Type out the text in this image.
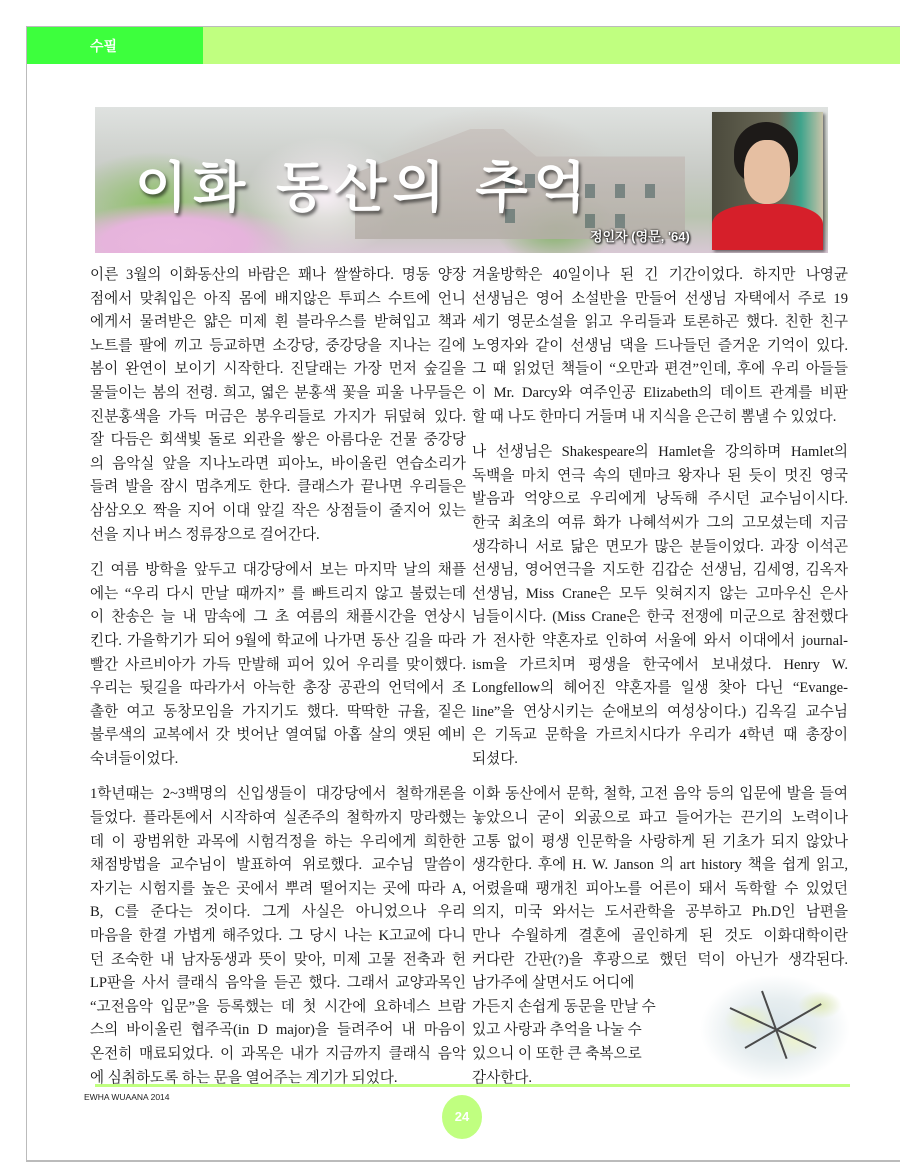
수필
이화 동산의 추억
정인자 (영문, '64)
이른 3월의 이화동산의 바람은 꽤나 쌀쌀하다. 명동 양장
점에서 맞춰입은 아직 몸에 배지않은 투피스 수트에 언니
에게서 물려받은 얇은 미제 흰 블라우스를 받혀입고 책과
노트를 팔에 끼고 등교하면 소강당, 중강당을 지나는 길에
봄이 완연이 보이기 시작한다. 진달래는 가장 먼저 숲길을
물들이는 봄의 전령. 희고, 엷은 분홍색 꽃을 피울 나무들은
진분홍색을 가득 머금은 봉우리들로 가지가 뒤덮혀 있다.
잘 다듬은 회색빛 돌로 외관을 쌓은 아름다운 건물 중강당
의 음악실 앞을 지나노라면 피아노, 바이올린 연습소리가
들려 발을 잠시 멈추게도 한다. 클래스가 끝나면 우리들은
삼삼오오 짝을 지어 이대 앞길 작은 상점들이 줄지어 있는
선을 지나 버스 정류장으로 걸어간다.
긴 여름 방학을 앞두고 대강당에서 보는 마지막 날의 채플
에는 “우리 다시 만날 때까지” 를 빠트리지 않고 불렀는데
이 찬송은 늘 내 맘속에 그 초 여름의 채플시간을 연상시
킨다. 가을학기가 되어 9월에 학교에 나가면 동산 길을 따라
빨간 사르비아가 가득 만발해 피어 있어 우리를 맞이했다.
우리는 뒷길을 따라가서 아늑한 총장 공관의 언덕에서 조
촐한 여고 동창모임을 가지기도 했다. 딱딱한 규율, 짙은
불루색의 교복에서 갓 벗어난 열여덟 아홉 살의 앳된 예비
숙녀들이었다.
1학년때는 2~3백명의 신입생들이 대강당에서 철학개론을
들었다. 플라톤에서 시작하여 실존주의 철학까지 망라했는
데 이 광범위한 과목에 시험걱정을 하는 우리에게 희한한
채점방법을 교수님이 발표하여 위로했다. 교수님 말씀이
자기는 시험지를 높은 곳에서 뿌려 떨어지는 곳에 따라 A,
B, C를 준다는 것이다. 그게 사실은 아니었으나 우리
마음을 한결 가볍게 해주었다. 그 당시 나는 K고교에 다니
던 조숙한 내 남자동생과 뜻이 맞아, 미제 고물 전축과 헌
LP판을 사서 클래식 음악을 듣곤 했다. 그래서 교양과목인
“고전음악 입문”을 등록했는 데 첫 시간에 요하네스 브람
스의 바이올린 협주곡(in D major)을 들려주어 내 마음이
온전히 매료되었다. 이 과목은 내가 지금까지 클래식 음악
에 심취하도록 하는 문을 열어주는 계기가 되었다.
겨울방학은 40일이나 된 긴 기간이었다. 하지만 나영균
선생님은 영어 소설반을 만들어 선생님 자택에서 주로 19
세기 영문소설을 읽고 우리들과 토론하곤 했다. 친한 친구
노영자와 같이 선생님 댁을 드나들던 즐거운 기억이 있다.
그 때 읽었던 책들이 “오만과 편견”인데, 후에 우리 아들들
이 Mr. Darcy와 여주인공 Elizabeth의 데이트 관계를 비판
할 때 나도 한마디 거들며 내 지식을 은근히 뽐낼 수 있었다.
나 선생님은 Shakespeare의 Hamlet을 강의하며 Hamlet의
독백을 마치 연극 속의 덴마크 왕자나 된 듯이 멋진 영국
발음과 억양으로 우리에게 낭독해 주시던 교수님이시다.
한국 최초의 여류 화가 나혜석씨가 그의 고모셨는데 지금
생각하니 서로 닮은 면모가 많은 분들이었다. 과장 이석곤
선생님, 영어연극을 지도한 김갑순 선생님, 김세영, 김옥자
선생님, Miss Crane은 모두 잊혀지지 않는 고마우신 은사
님들이시다. (Miss Crane은 한국 전쟁에 미군으로 참전했다
가 전사한 약혼자로 인하여 서울에 와서 이대에서 journal-
ism을 가르치며 평생을 한국에서 보내셨다. Henry W.
Longfellow의 헤어진 약혼자를 일생 찾아 다닌 “Evange-
line”을 연상시키는 순애보의 여성상이다.) 김옥길 교수님
은 기독교 문학을 가르치시다가 우리가 4학년 때 총장이
되셨다.
이화 동산에서 문학, 철학, 고전 음악 등의 입문에 발을 들여
놓았으니 굳이 외곬으로 파고 들어가는 끈기의 노력이나
고통 없이 평생 인문학을 사랑하게 된 기초가 되지 않았나
생각한다. 후에 H. W. Janson 의 art history 책을 쉽게 읽고,
어렸을때 팽개친 피아노를 어른이 돼서 독학할 수 있었던
의지, 미국 와서는 도서관학을 공부하고 Ph.D인 남편을
만나 수월하게 결혼에 골인하게 된 것도 이화대학이란
커다란 간판(?)을 후광으로 했던 덕이 아닌가 생각된다.
남가주에 살면서도 어디에
가든지 손쉽게 동문을 만날 수
있고 사랑과 추억을 나눌 수
있으니 이 또한 큰 축복으로
감사한다.
EWHA WUAANA 2014
24
